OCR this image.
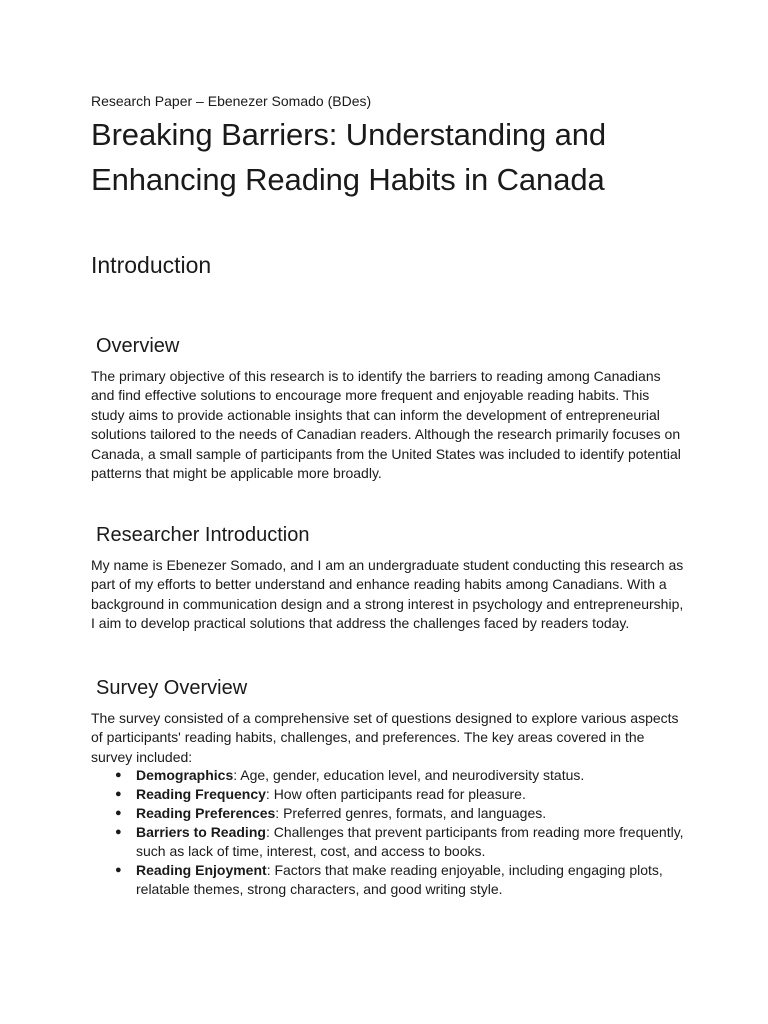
Research Paper – Ebenezer Somado (BDes)
Breaking Barriers: Understanding and Enhancing Reading Habits in Canada
Introduction
Overview

The primary objective of this research is to identify the barriers to reading among Canadians and find effective solutions to encourage more frequent and enjoyable reading habits. This study aims to provide actionable insights that can inform the development of entrepreneurial solutions tailored to the needs of Canadian readers. Although the research primarily focuses on Canada, a small sample of participants from the United States was included to identify potential patterns that might be applicable more broadly.

Researcher Introduction

My name is Ebenezer Somado, and I am an undergraduate student conducting this research as part of my efforts to better understand and enhance reading habits among Canadians. With a background in communication design and a strong interest in psychology and entrepreneurship, I aim to develop practical solutions that address the challenges faced by readers today.

Survey Overview

The survey consisted of a comprehensive set of questions designed to explore various aspects of participants' reading habits, challenges, and preferences. The key areas covered in the survey included:

● Demographics: Age, gender, education level, and neurodiversity status.
● Reading Frequency: How often participants read for pleasure.
● Reading Preferences: Preferred genres, formats, and languages.
● Barriers to Reading: Challenges that prevent participants from reading more frequently, such as lack of time, interest, cost, and access to books.
● Reading Enjoyment: Factors that make reading enjoyable, including engaging plots, relatable themes, strong characters, and good writing style.
